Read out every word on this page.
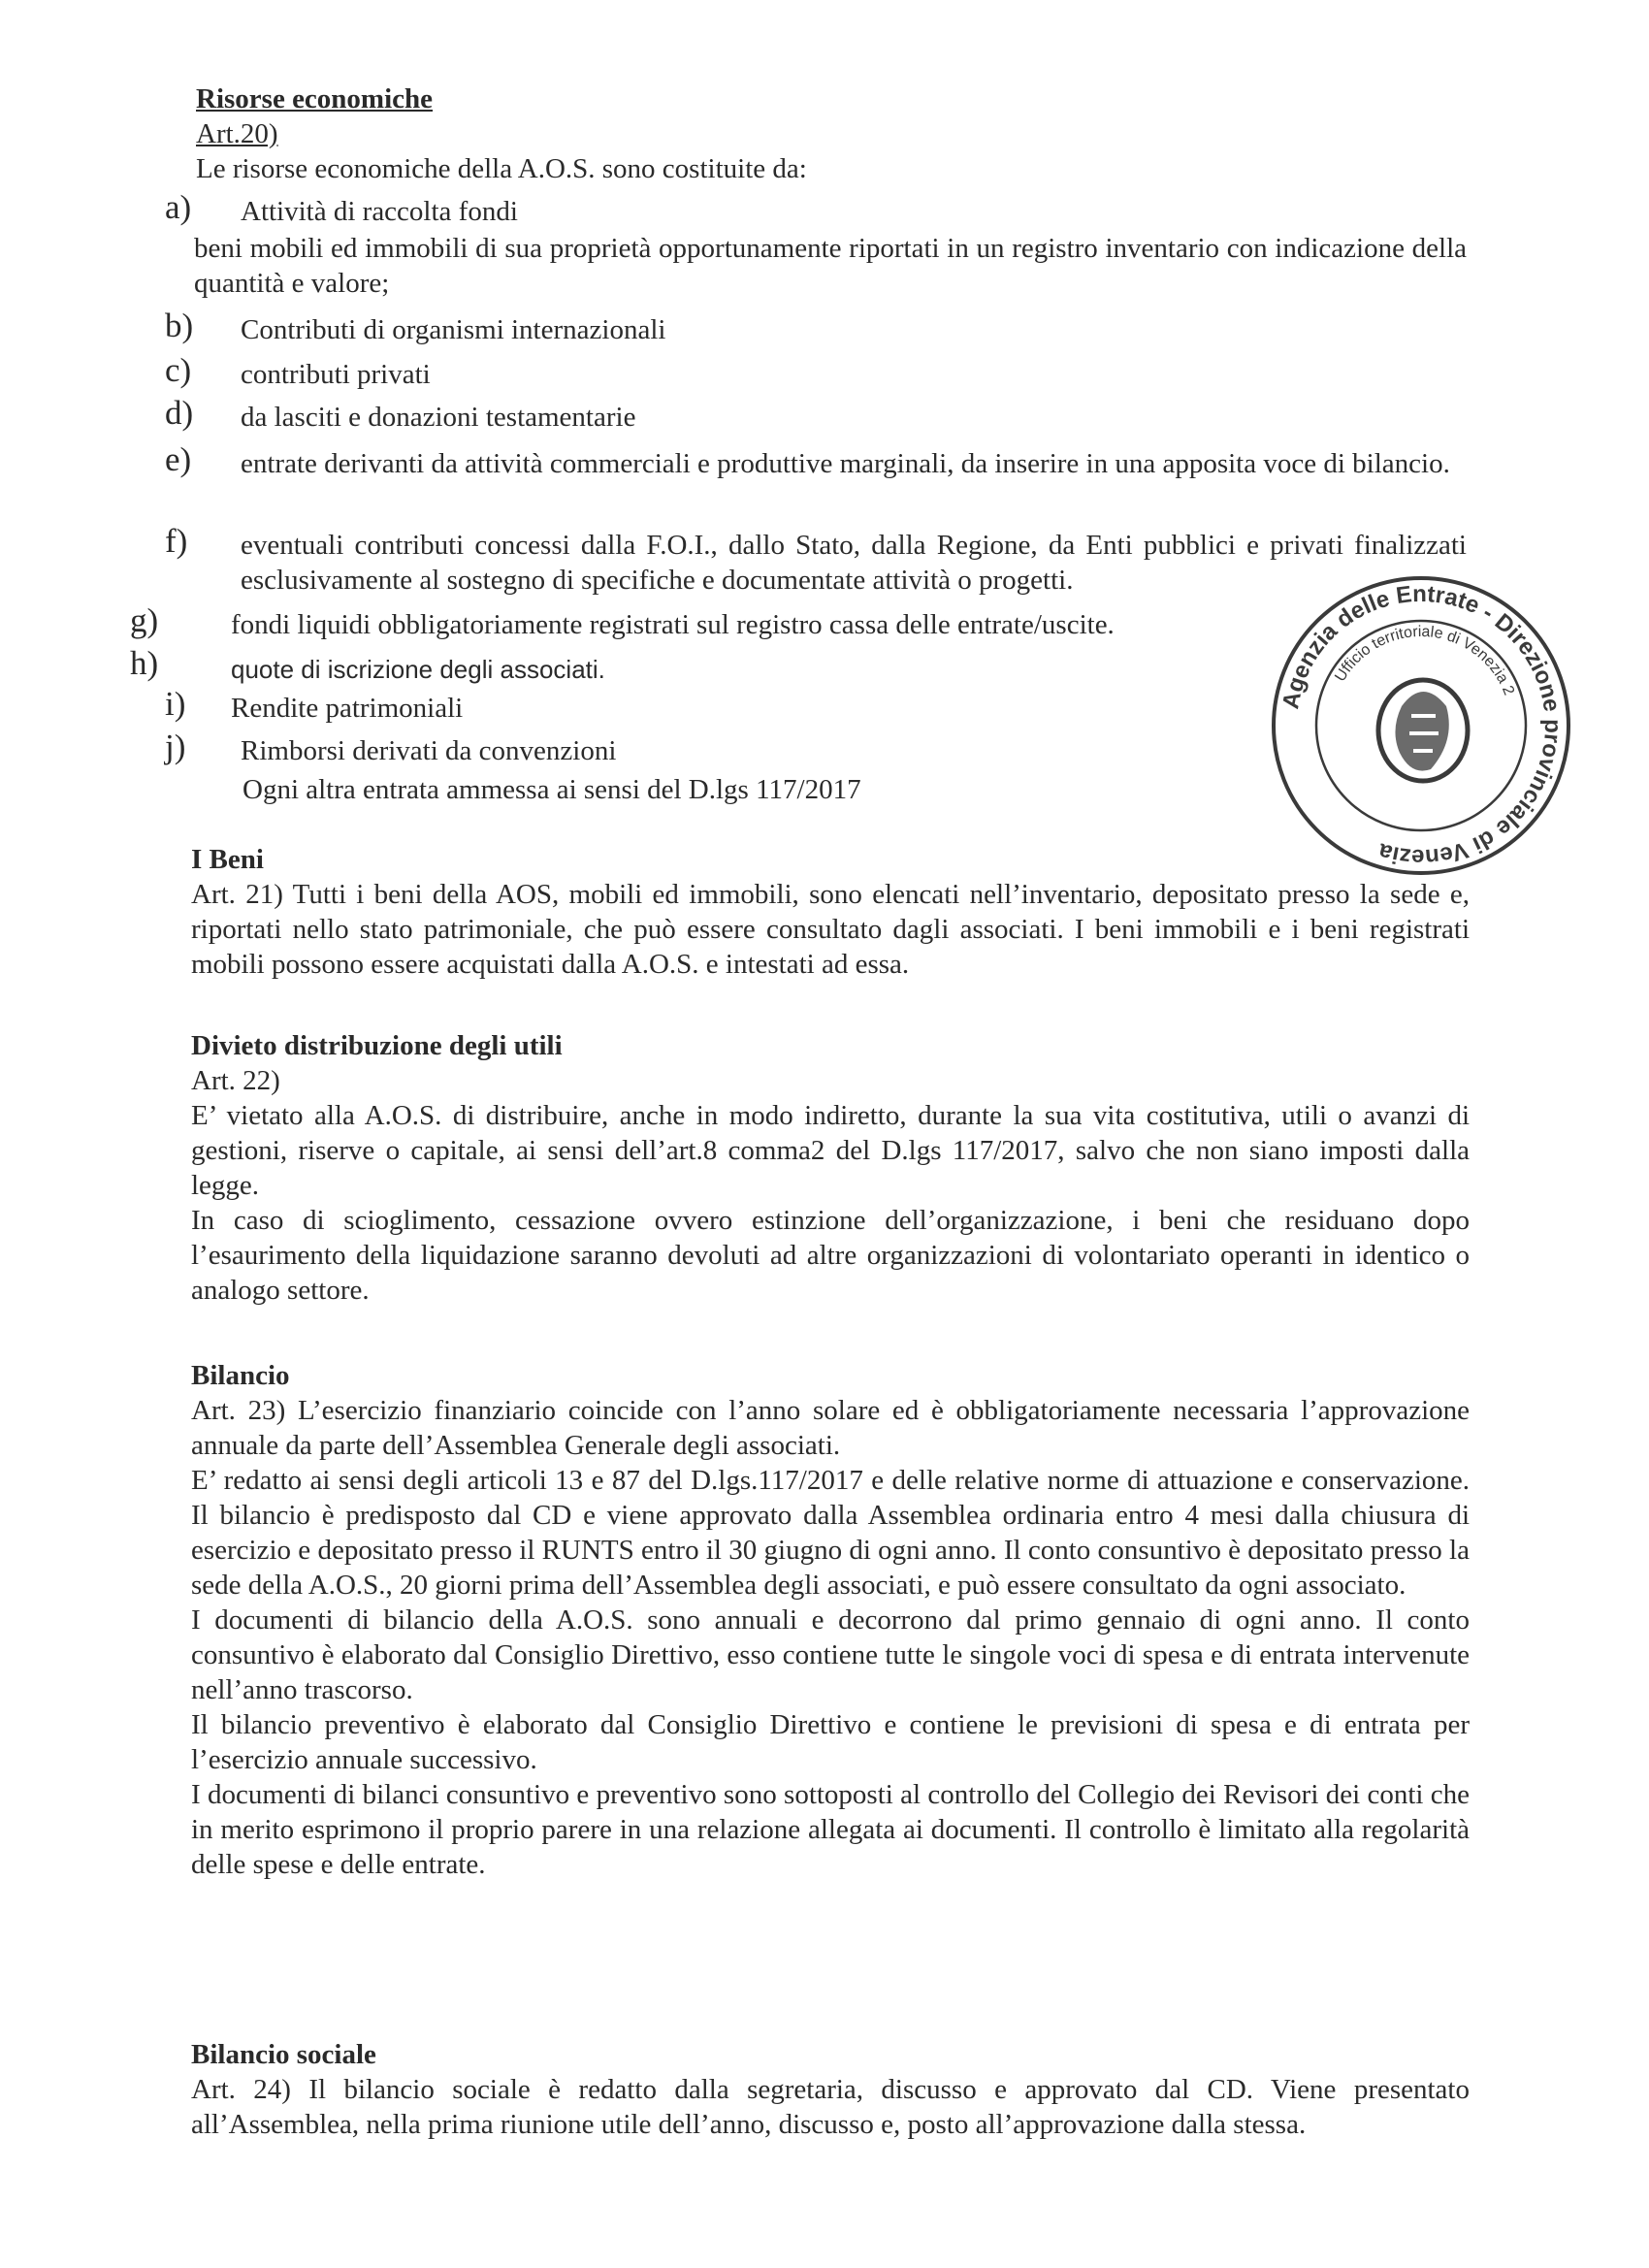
Risorse economiche

Art.20)

Le risorse economiche della A.O.S. sono costituite da:

a) Attività di raccolta fondi
beni mobili ed immobili di sua proprietà opportunamente riportati in un registro inventario con indicazione della quantità e valore;
b) Contributi di organismi internazionali
c) contributi privati
d) da lasciti e donazioni testamentarie
e) entrate derivanti da attività commerciali e produttive marginali, da inserire in una apposita voce di bilancio.
f) eventuali contributi concessi dalla F.O.I., dallo Stato, dalla Regione, da Enti pubblici e privati finalizzati esclusivamente al sostegno di specifiche e documentate attività o progetti.
g)	fondi liquidi obbligatoriamente registrati sul registro cassa delle entrate/uscite.
h)	quote di iscrizione degli associati.
i) Rendite patrimoniali
j) Rimborsi derivati da convenzioni
Ogni altra entrata ammessa ai sensi del D.lgs 117/2017
I Beni

Art. 21) Tutti i beni della AOS, mobili ed immobili, sono elencati nell’inventario, depositato presso la sede e, riportati nello stato patrimoniale, che può essere consultato dagli associati. I beni immobili e i beni registrati mobili possono essere acquistati dalla A.O.S. e intestati ad essa.

Divieto distribuzione degli utili

Art. 22)

E’ vietato alla A.O.S. di distribuire, anche in modo indiretto, durante la sua vita costitutiva, utili o avanzi di gestioni, riserve o capitale, ai sensi dell’art.8 comma2 del D.lgs 117/2017, salvo che non siano imposti dalla legge.

In caso di scioglimento, cessazione ovvero estinzione dell’organizzazione, i beni che residuano dopo l’esaurimento della liquidazione saranno devoluti ad altre organizzazioni di volontariato operanti in identico o analogo settore.

Bilancio

Art. 23) L’esercizio finanziario coincide con l’anno solare ed è obbligatoriamente necessaria l’approvazione annuale da parte dell’Assemblea Generale degli associati.

E’ redatto ai sensi degli articoli 13 e 87 del D.lgs.117/2017 e delle relative norme di attuazione e conservazione. Il bilancio è predisposto dal CD e viene approvato dalla Assemblea ordinaria entro 4 mesi dalla chiusura di esercizio e depositato presso il RUNTS entro il 30 giugno di ogni anno. Il conto consuntivo è depositato presso la sede della A.O.S., 20 giorni prima dell’Assemblea degli associati, e può essere consultato da ogni associato.

I documenti di bilancio della A.O.S. sono annuali e decorrono dal primo gennaio di ogni anno. Il conto consuntivo è elaborato dal Consiglio Direttivo, esso contiene tutte le singole voci di spesa e di entrata intervenute nell’anno trascorso.

Il bilancio preventivo è elaborato dal Consiglio Direttivo e contiene le previsioni di spesa e di entrata per l’esercizio annuale successivo.

I documenti di bilanci consuntivo e preventivo sono sottoposti al controllo del Collegio dei Revisori dei conti che in merito esprimono il proprio parere in una relazione allegata ai documenti. Il controllo è limitato alla regolarità delle spese e delle entrate.

Bilancio sociale

Art. 24) Il bilancio sociale è redatto dalla segretaria, discusso e approvato dal CD. Viene presentato all’Assemblea, nella prima riunione utile dell’anno, discusso e, posto all’approvazione dalla stessa.

Agenzia delle Entrate - Direzione provinciale di Venezia
Ufficio territoriale di Venezia 2
